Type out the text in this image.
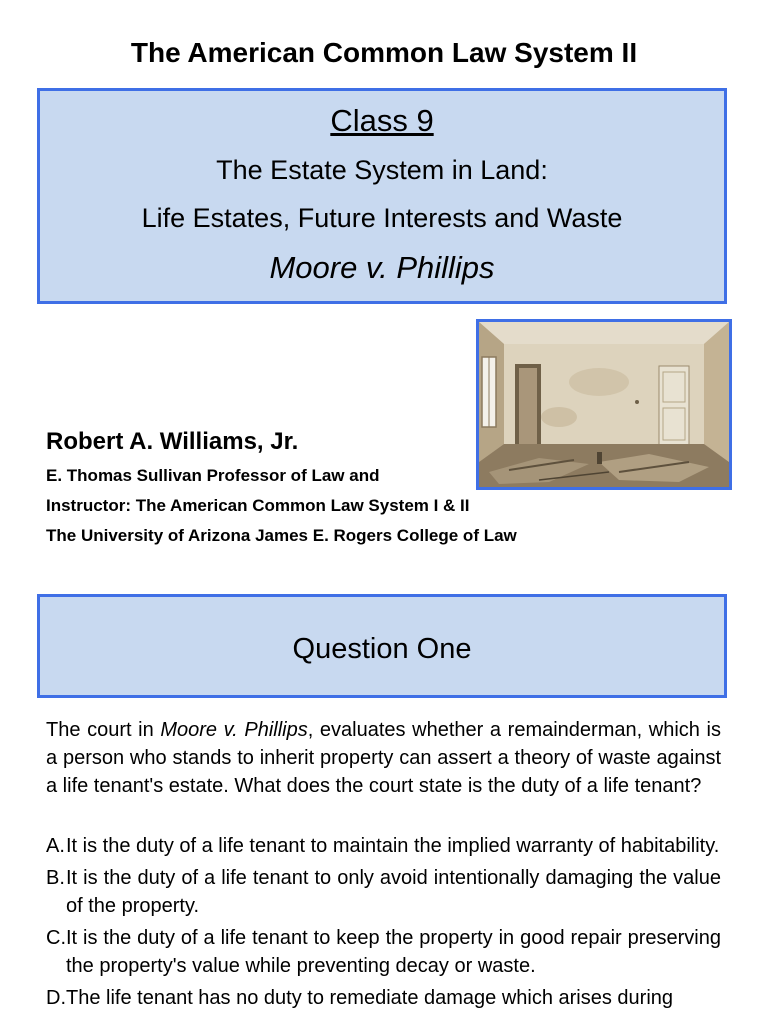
The American Common Law System II
Class 9
The Estate System in Land:
Life Estates, Future Interests and Waste
Moore v. Phillips
Robert A. Williams, Jr.
E. Thomas Sullivan Professor of Law and
Instructor: The American Common Law System I & II
The University of Arizona James E. Rogers College of Law
Question One
The court in Moore v. Phillips, evaluates whether a remainderman, which is a person who stands to inherit property can assert a theory of waste against a life tenant's estate. What does the court state is the duty of a life tenant?
A. It is the duty of a life tenant to maintain the implied warranty of habitability.
B. It is the duty of a life tenant to only avoid intentionally damaging the value of the property.
C. It is the duty of a life tenant to keep the property in good repair preserving the property's value while preventing decay or waste.
D. The life tenant has no duty to remediate damage which arises during
